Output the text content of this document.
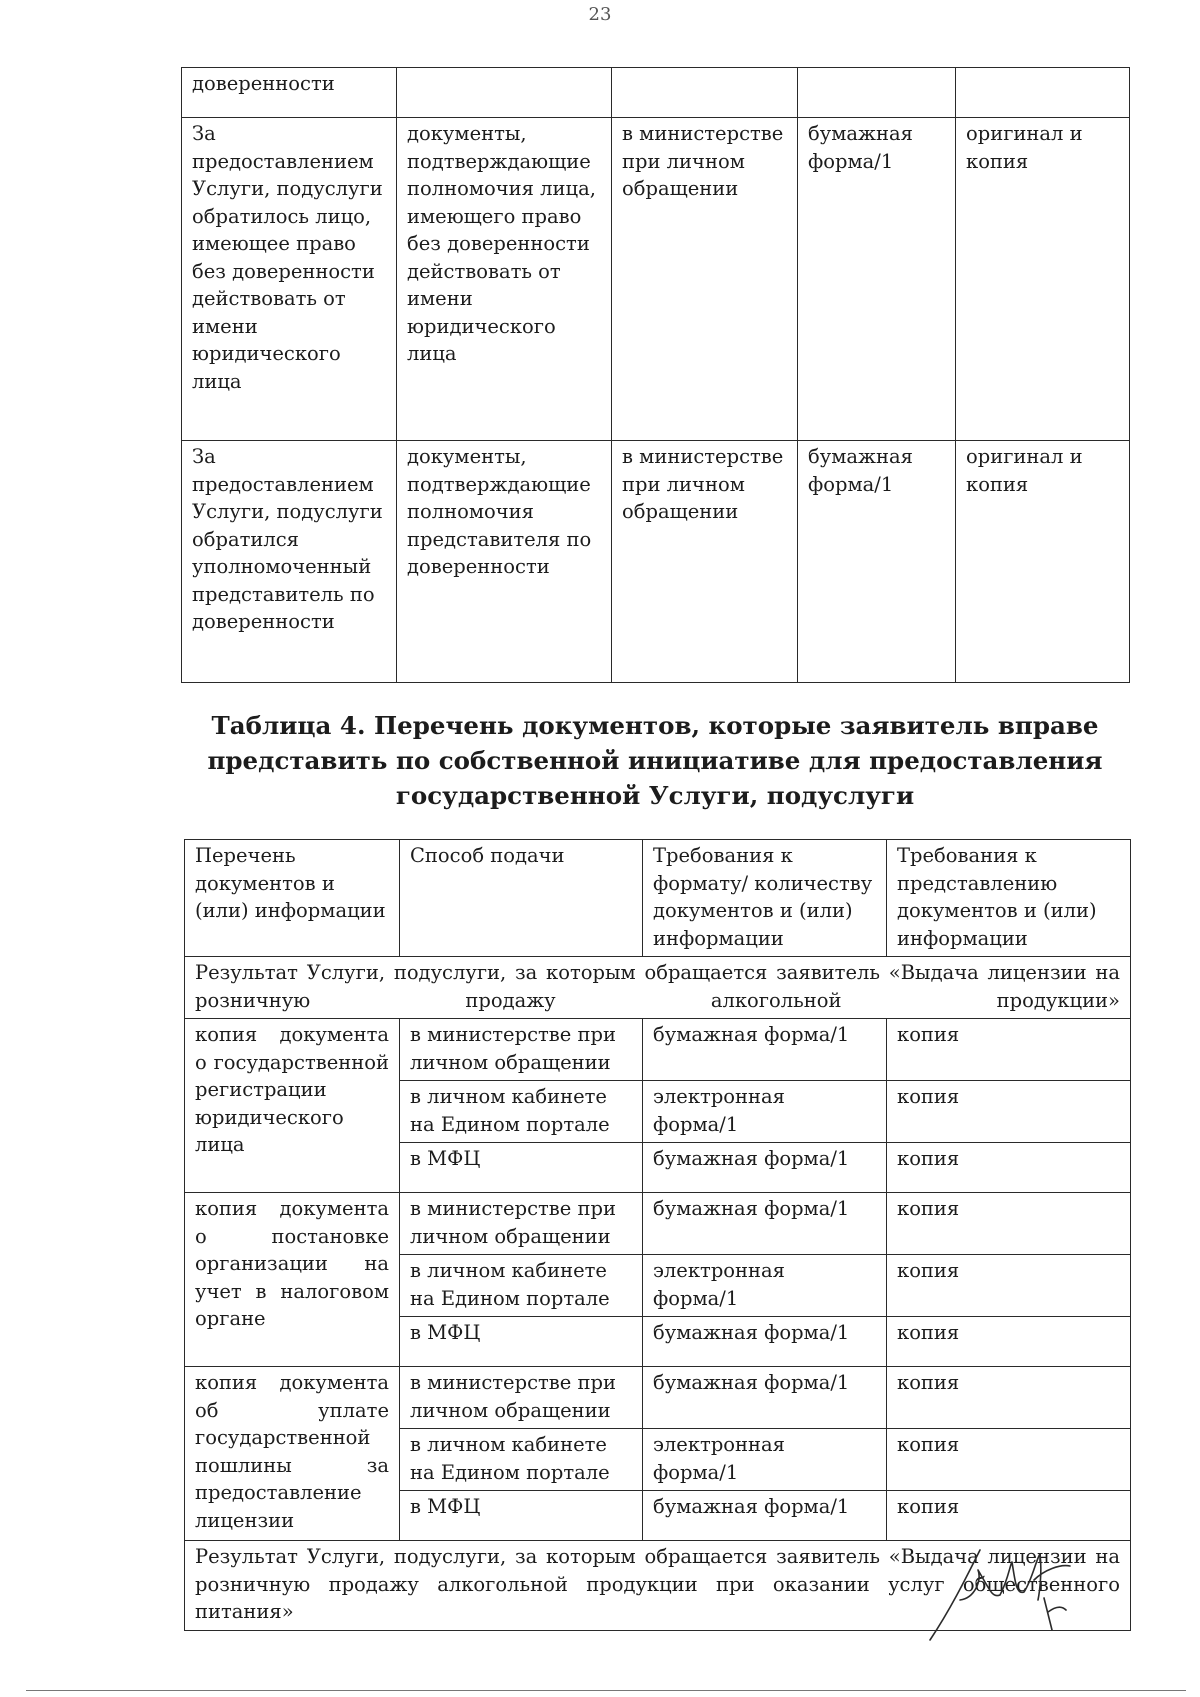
23
доверенности				
За предоставлением Услуги, подуслуги обратилось лицо, имеющее право без доверенности действовать от имени юридического лица	документы, подтверждающие полномочия лица, имеющего право без доверенности действовать от имени юридического лица	в министерстве при личном обращении	бумажная форма/1	оригинал и копия
За предоставлением Услуги, подуслуги обратился уполномоченный представитель по доверенности	документы, подтверждающие полномочия представителя по доверенности	в министерстве при личном обращении	бумажная форма/1	оригинал и копия
Таблица 4. Перечень документов, которые заявитель вправе представить по собственной инициативе для предоставления государственной Услуги, подуслуги
Перечень документов и (или) информации	Способ подачи	Требования к формату/ количеству документов и (или) информации	Требования к представлению документов и (или) информации
Результат Услуги, подуслуги, за которым обращается заявитель «Выдача лицензии на розничную продажу алкогольной продукции»			
копия документа о государственной регистрации юридического лица	в министерстве при личном обращении	бумажная форма/1	копия
	в личном кабинете на Едином портале	электронная форма/1	копия
	в МФЦ	бумажная форма/1	копия
копия документа о постановке организации на учет в налоговом органе	в министерстве при личном обращении	бумажная форма/1	копия
	в личном кабинете на Едином портале	электронная форма/1	копия
	в МФЦ	бумажная форма/1	копия
копия документа об уплате государственной пошлины за предоставление лицензии	в министерстве при личном обращении	бумажная форма/1	копия
	в личном кабинете на Едином портале	электронная форма/1	копия
	в МФЦ	бумажная форма/1	копия
Результат Услуги, подуслуги, за которым обращается заявитель «Выдача лицензии на розничную продажу алкогольной продукции при оказании услуг общественного питания»			
